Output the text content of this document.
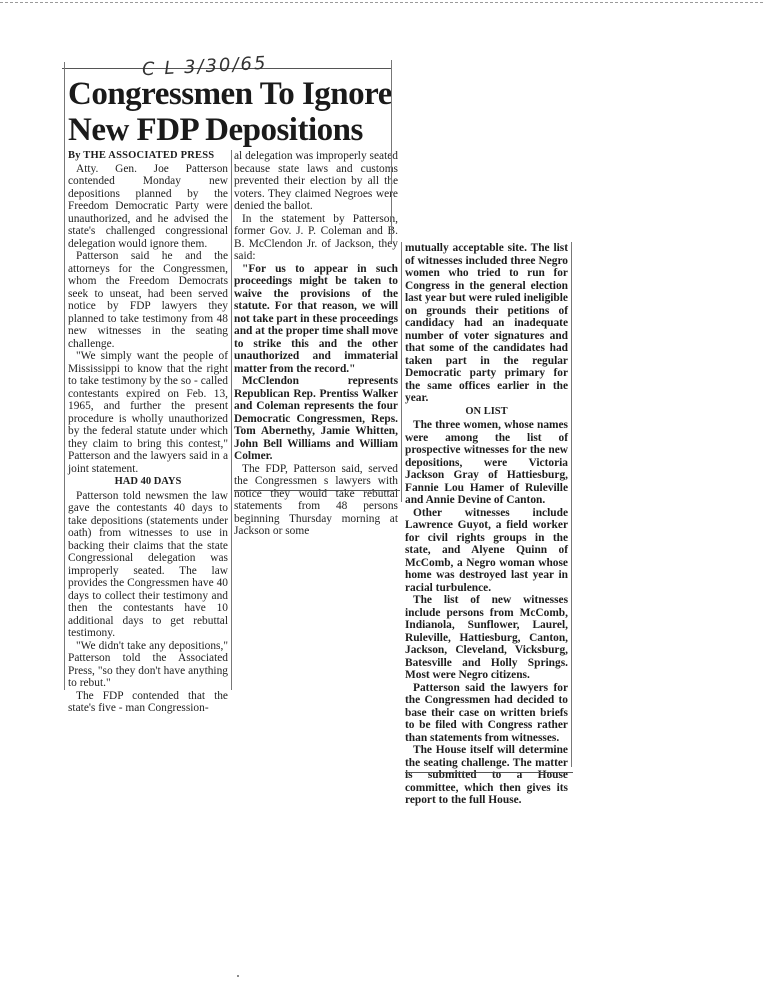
C L 3/30/65
Congressmen To Ignore
New FDP Depositions

By THE ASSOCIATED PRESS

Atty. Gen. Joe Patterson contended Monday new depositions planned by the Freedom Democratic Party were unauthorized, and he advised the state's challenged congressional delegation would ignore them.

Patterson said he and the attorneys for the Congressmen, whom the Freedom Democrats seek to unseat, had been served notice by FDP lawyers they planned to take testimony from 48 new witnesses in the seating challenge.

"We simply want the people of Mississippi to know that the right to take testimony by the so - called contestants expired on Feb. 13, 1965, and further the present procedure is wholly unauthorized by the federal statute under which they claim to bring this contest," Patterson and the lawyers said in a joint statement.

HAD 40 DAYS

Patterson told newsmen the law gave the contestants 40 days to take depositions (statements under oath) from witnesses to use in backing their claims that the state Congressional delegation was improperly seated. The law provides the Congressmen have 40 days to collect their testimony and then the contestants have 10 additional days to get rebuttal testimony.

"We didn't take any depositions," Patterson told the Associated Press, "so they don't have anything to rebut."

The FDP contended that the state's five - man Congression-

al delegation was improperly seated because state laws and customs prevented their election by all the voters. They claimed Negroes were denied the ballot.

In the statement by Patterson, former Gov. J. P. Coleman and B. B. McClendon Jr. of Jackson, they said:

"For us to appear in such proceedings might be taken to waive the provisions of the statute. For that reason, we will not take part in these proceedings and at the proper time shall move to strike this and the other unauthorized and immaterial matter from the record."

McClendon represents Republican Rep. Prentiss Walker and Coleman represents the four Democratic Congressmen, Reps. Tom Abernethy, Jamie Whitten, John Bell Williams and William Colmer.

The FDP, Patterson said, served the Congressmen s lawyers with notice they would take rebuttal statements from 48 persons beginning Thursday morning at Jackson or some

mutually acceptable site. The list of witnesses included three Negro women who tried to run for Congress in the general election last year but were ruled ineligible on grounds their petitions of candidacy had an inadequate number of voter signatures and that some of the candidates had taken part in the regular Democratic party primary for the same offices earlier in the year.

ON LIST

The three women, whose names were among the list of prospective witnesses for the new depositions, were Victoria Jackson Gray of Hattiesburg, Fannie Lou Hamer of Ruleville and Annie Devine of Canton.

Other witnesses include Lawrence Guyot, a field worker for civil rights groups in the state, and Alyene Quinn of McComb, a Negro woman whose home was destroyed last year in racial turbulence.

The list of new witnesses include persons from McComb, Indianola, Sunflower, Laurel, Ruleville, Hattiesburg, Canton, Jackson, Cleveland, Vicksburg, Batesville and Holly Springs. Most were Negro citizens.

Patterson said the lawyers for the Congressmen had decided to base their case on written briefs to be filed with Congress rather than statements from witnesses.

The House itself will determine the seating challenge. The matter is submitted to a House committee, which then gives its report to the full House.
